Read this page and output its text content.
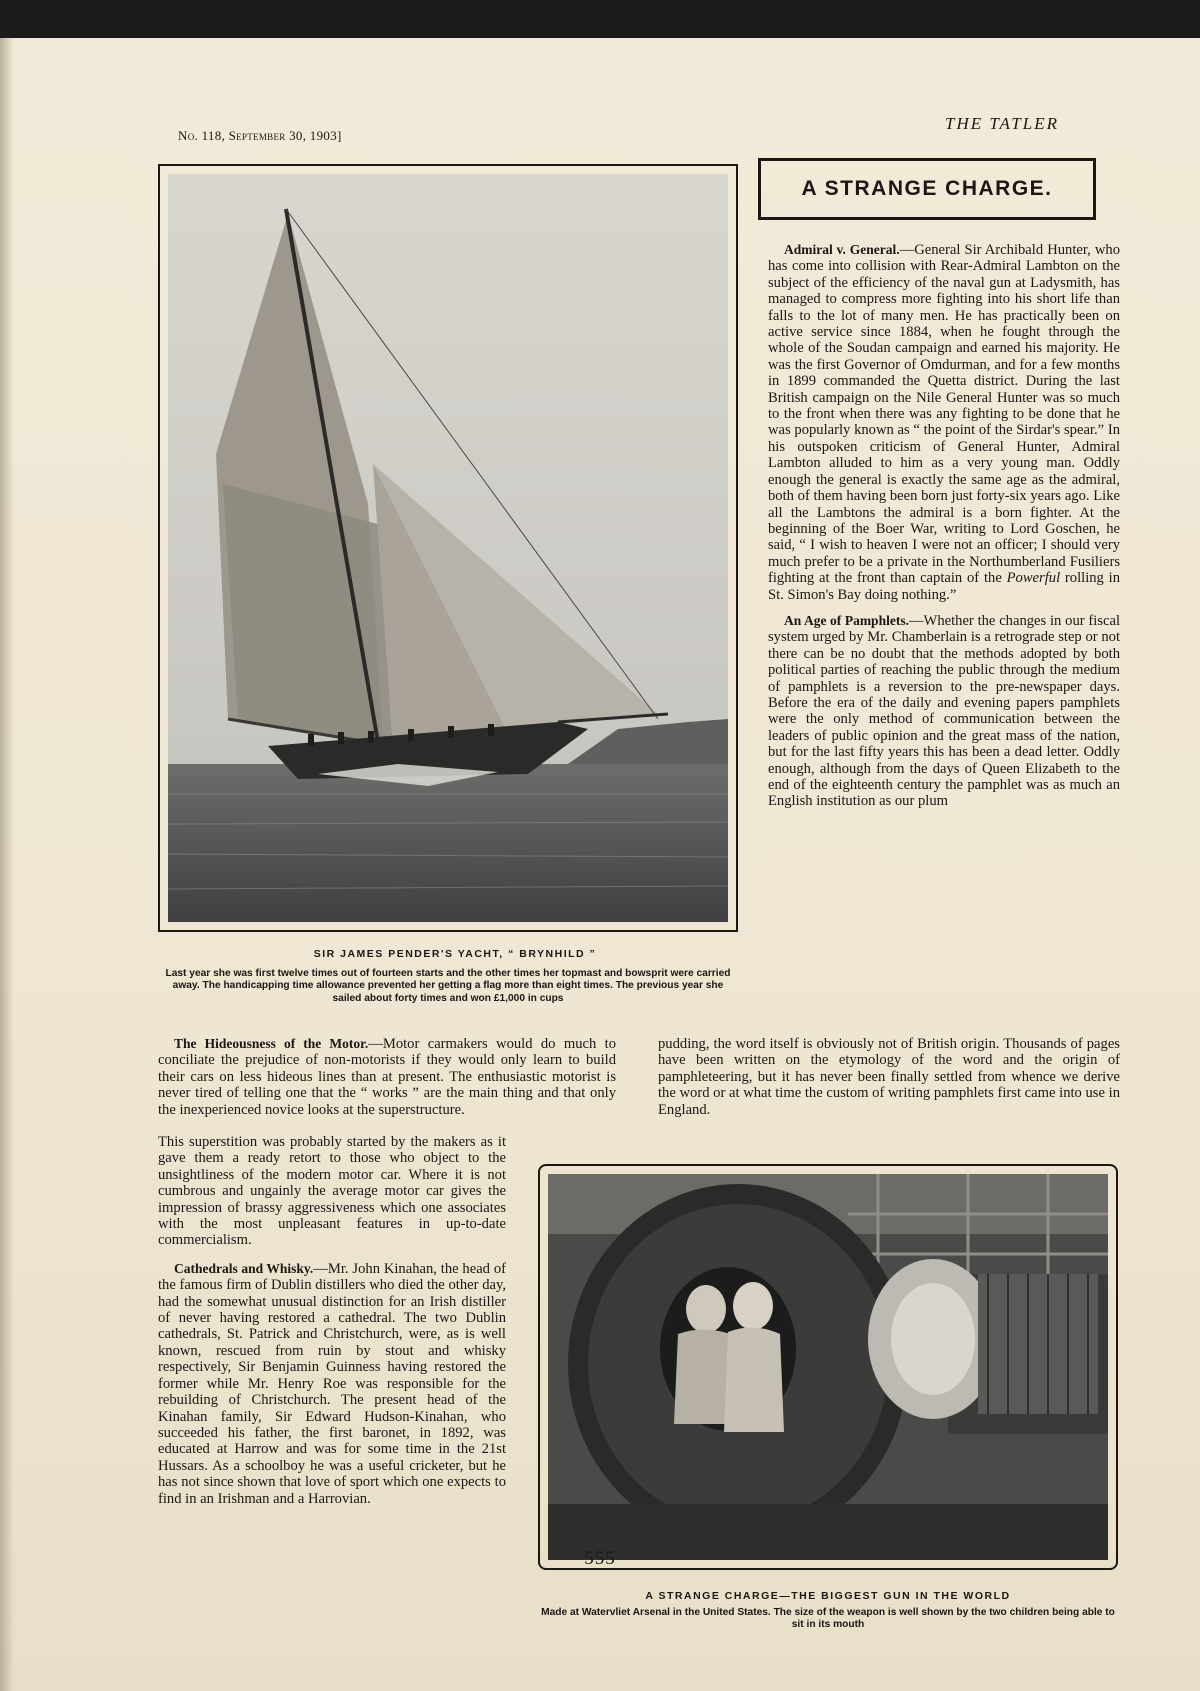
No. 118, September 30, 1903]
THE TATLER
A STRANGE CHARGE.
SIR JAMES PENDER'S YACHT, “ BRYNHILD ”
Last year she was first twelve times out of fourteen starts and the other times her topmast and bowsprit were carried away. The handicapping time allowance prevented her getting a flag more than eight times. The previous year she sailed about forty times and won £1,000 in cups

Admiral v. General.—General Sir Archibald Hunter, who has come into collision with Rear-Admiral Lambton on the subject of the efficiency of the naval gun at Ladysmith, has managed to compress more fighting into his short life than falls to the lot of many men. He has practically been on active service since 1884, when he fought through the whole of the Soudan campaign and earned his majority. He was the first Governor of Omdurman, and for a few months in 1899 commanded the Quetta district. During the last British campaign on the Nile General Hunter was so much to the front when there was any fighting to be done that he was popularly known as “ the point of the Sirdar's spear.” In his outspoken criticism of General Hunter, Admiral Lambton alluded to him as a very young man. Oddly enough the general is exactly the same age as the admiral, both of them having been born just forty-six years ago. Like all the Lambtons the admiral is a born fighter. At the beginning of the Boer War, writing to Lord Goschen, he said, “ I wish to heaven I were not an officer; I should very much prefer to be a private in the Northumberland Fusiliers fighting at the front than captain of the Powerful rolling in St. Simon's Bay doing nothing.”

An Age of Pamphlets.—Whether the changes in our fiscal system urged by Mr. Chamberlain is a retrograde step or not there can be no doubt that the methods adopted by both political parties of reaching the public through the medium of pamphlets is a reversion to the pre-newspaper days. Before the era of the daily and evening papers pamphlets were the only method of communication between the leaders of public opinion and the great mass of the nation, but for the last fifty years this has been a dead letter. Oddly enough, although from the days of Queen Elizabeth to the end of the eighteenth century the pamphlet was as much an English institution as our plum

pudding, the word itself is obviously not of British origin. Thousands of pages have been written on the etymology of the word and the origin of pamphleteering, but it has never been finally settled from whence we derive the word or at what time the custom of writing pamphlets first came into use in England.

The Hideousness of the Motor.—Motor carmakers would do much to conciliate the prejudice of non-motorists if they would only learn to build their cars on less hideous lines than at present. The enthusiastic motorist is never tired of telling one that the “ works ” are the main thing and that only the inexperienced novice looks at the superstructure.

This superstition was probably started by the makers as it gave them a ready retort to those who object to the unsightliness of the modern motor car. Where it is not cumbrous and ungainly the average motor car gives the impression of brassy aggressiveness which one associates with the most unpleasant features in up-to-date commercialism.

Cathedrals and Whisky.—Mr. John Kinahan, the head of the famous firm of Dublin distillers who died the other day, had the somewhat unusual distinction for an Irish distiller of never having restored a cathedral. The two Dublin cathedrals, St. Patrick and Christchurch, were, as is well known, rescued from ruin by stout and whisky respectively, Sir Benjamin Guinness having restored the former while Mr. Henry Roe was responsible for the rebuilding of Christchurch. The present head of the Kinahan family, Sir Edward Hudson-Kinahan, who succeeded his father, the first baronet, in 1892, was educated at Harrow and was for some time in the 21st Hussars. As a schoolboy he was a useful cricketer, but he has not since shown that love of sport which one expects to find in an Irishman and a Harrovian.

A STRANGE CHARGE—THE BIGGEST GUN IN THE WORLD
Made at Watervliet Arsenal in the United States. The size of the weapon is well shown by the two children being able to sit in its mouth
555
